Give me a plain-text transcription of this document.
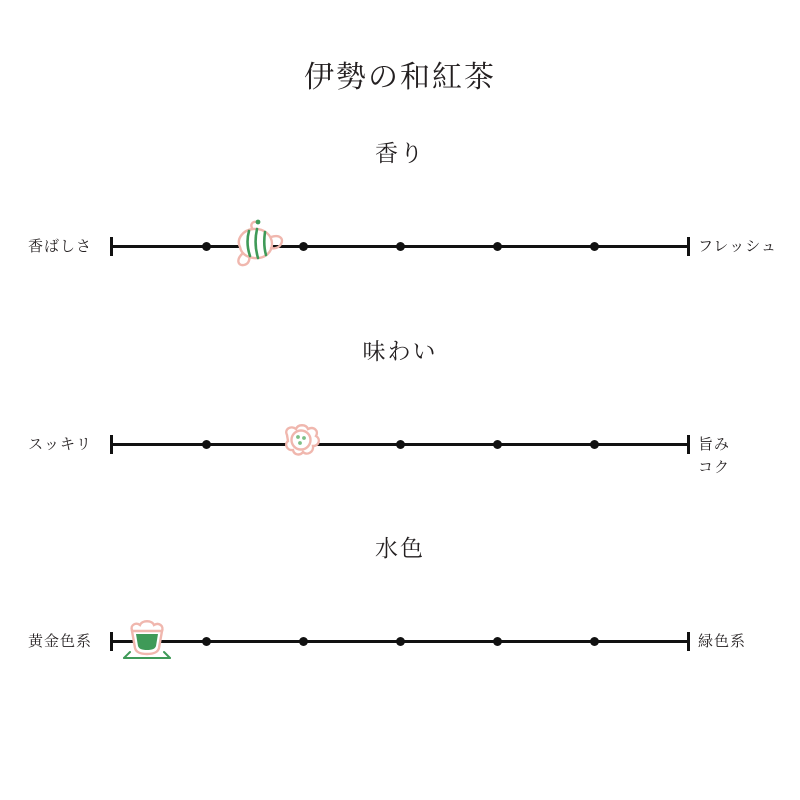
伊勢の和紅茶
香り
香ばしさ	フレッシュ
味わい
スッキリ	旨み
コク
水色
黄金色系	緑色系
